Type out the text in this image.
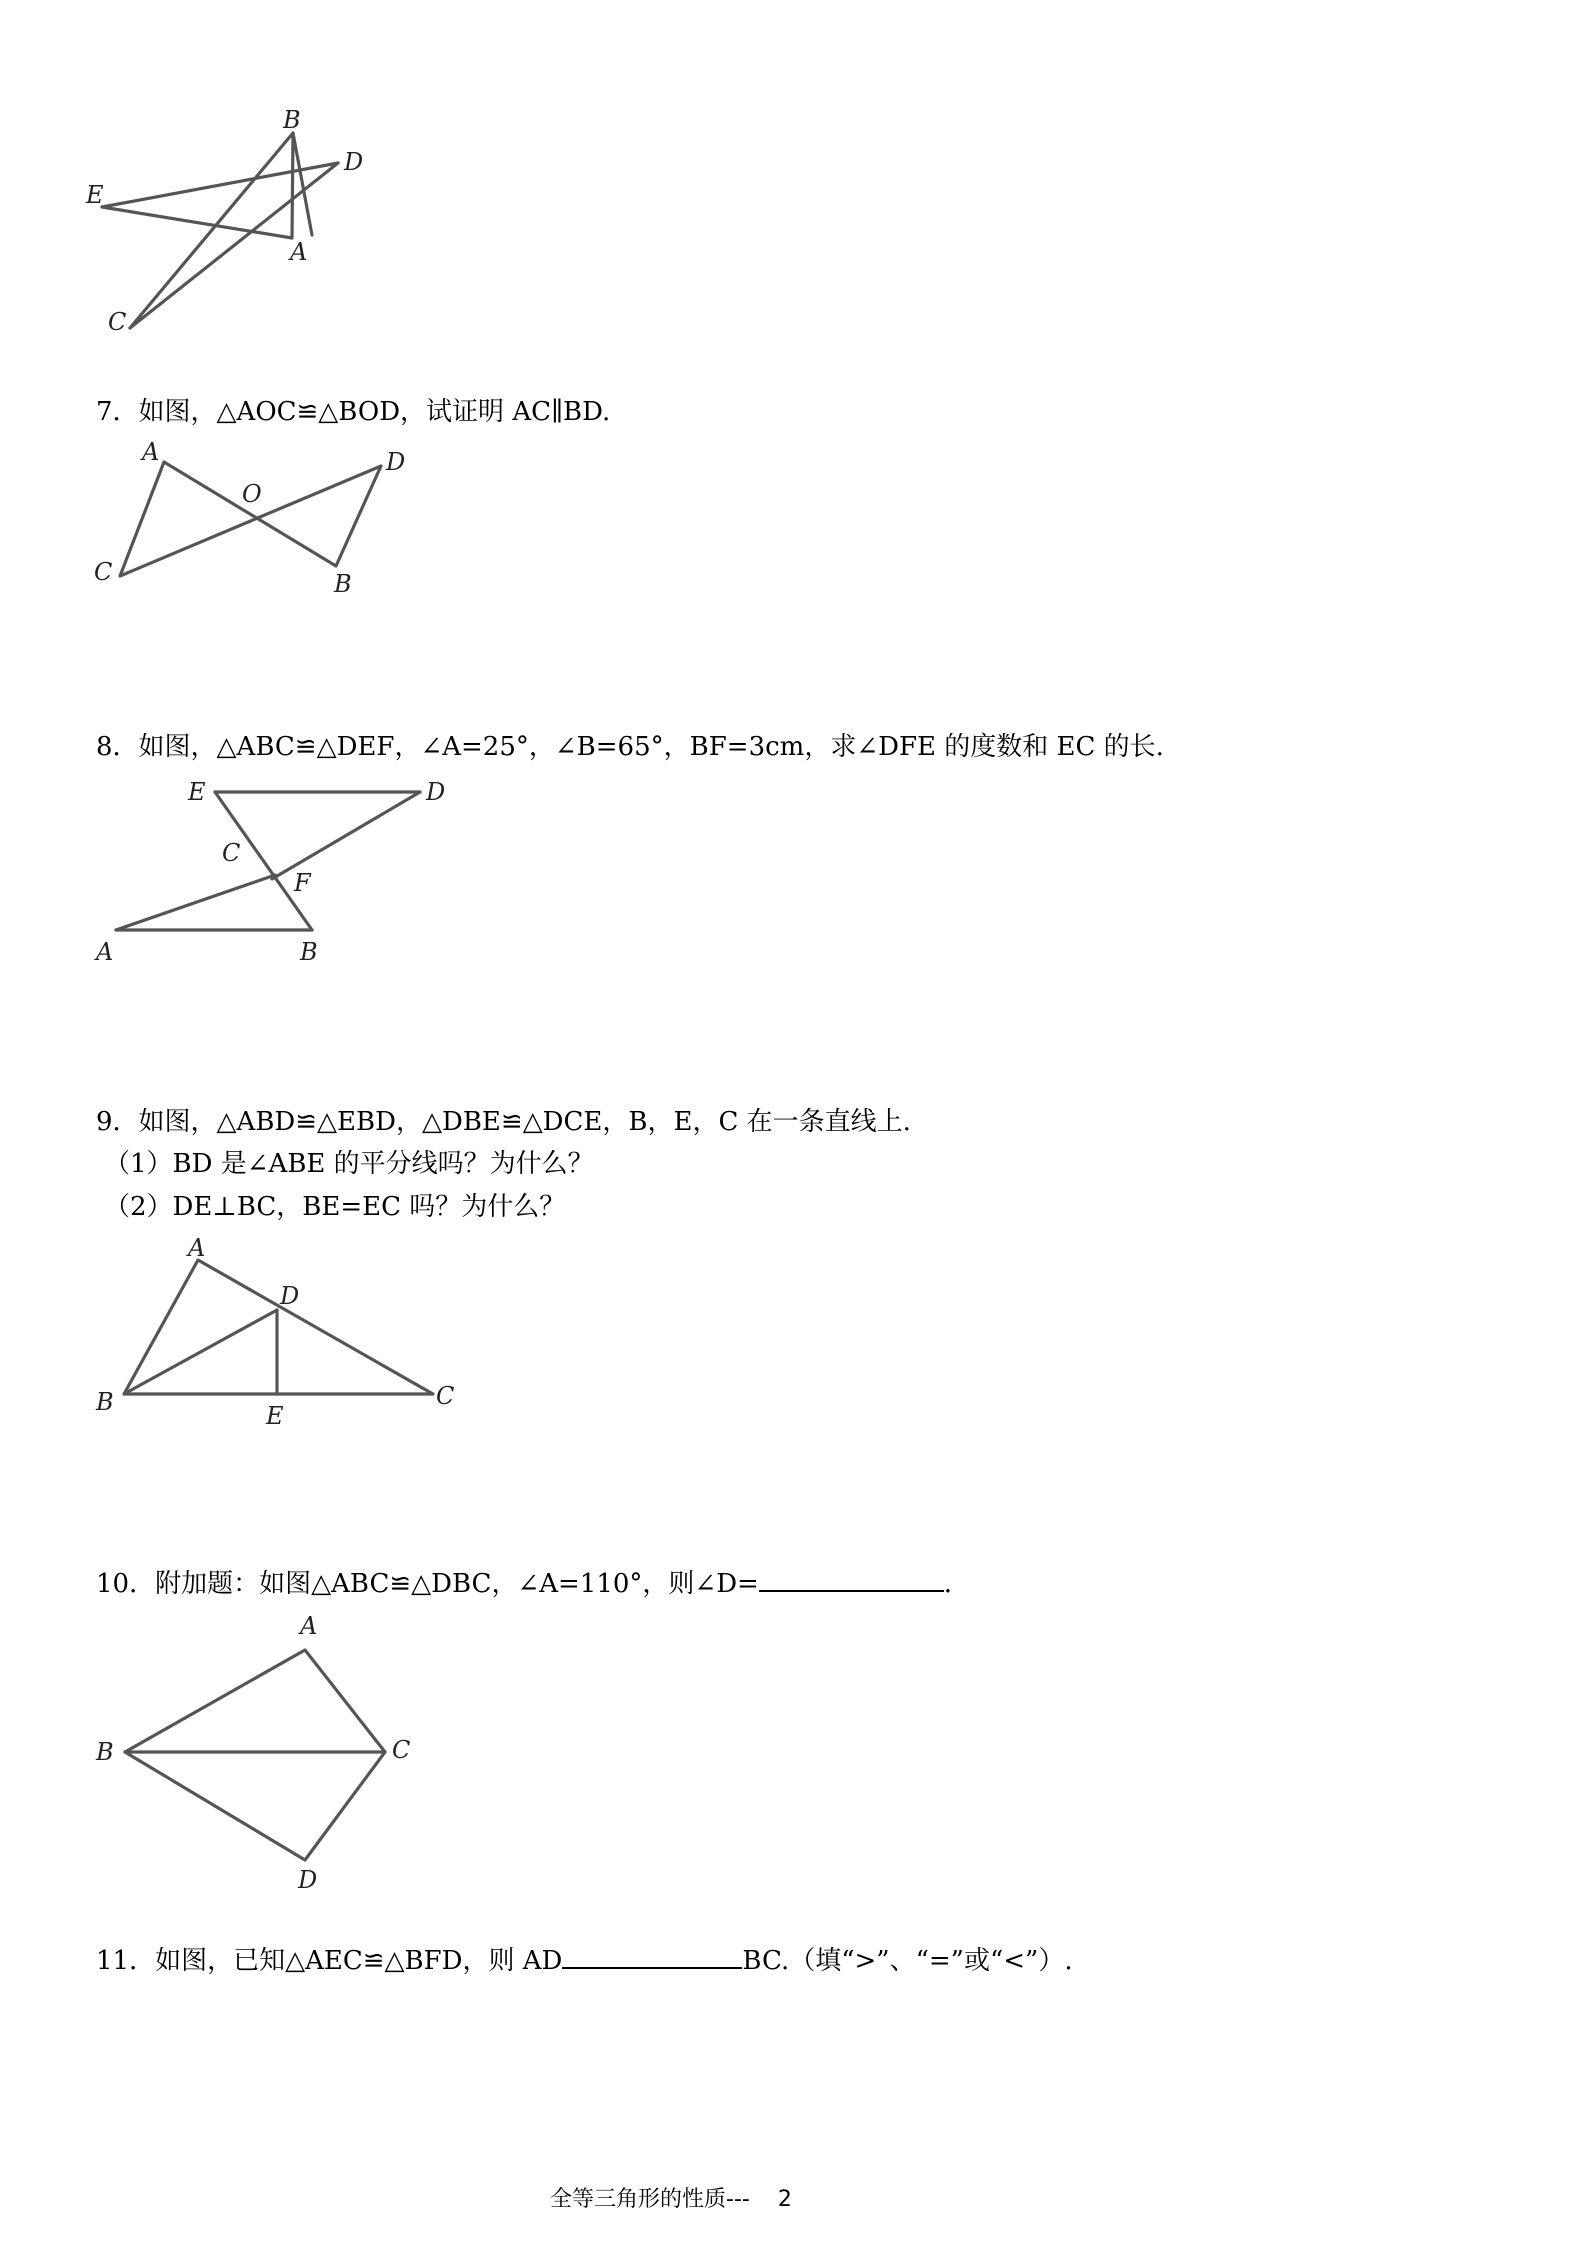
B
D
E
A
C
7．如图，△AOC≌△BOD，试证明 AC∥BD.
A
O
D
C	B
8．如图，△ABC≌△DEF，∠A=25°，∠B=65°，BF=3cm，求∠DFE 的度数和 EC 的长.
E	D
C
F
A	B
9．如图，△ABD≌△EBD，△DBE≌△DCE，B，E，C 在一条直线上.
（1）BD 是∠ABE 的平分线吗？为什么？
（2）DE⊥BC，BE=EC 吗？为什么？
A
D
B	E
C
10．附加题：如图△ABC≌△DBC，∠A=110°，则∠D=	．
A
B	C
D
11．如图，已知△AEC≌△BFD，则 AD	BC.（填“>”、“=”或“<”）.
全等三角形的性质--- 2
